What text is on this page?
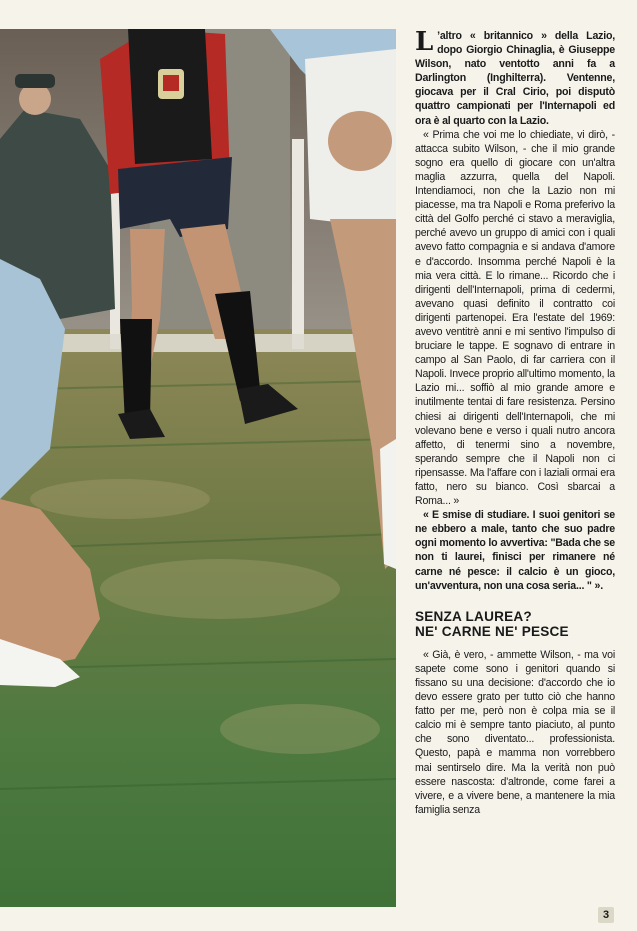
L ’altro « britannico » della Lazio, dopo Giorgio Chinaglia, è Giuseppe Wilson, nato ventotto anni fa a Darlington (Inghilterra). Ventenne, giocava per il Cral Cirio, poi disputò quattro campionati per l'Internapoli ed ora è al quarto con la Lazio.

« Prima che voi me lo chiediate, vi dirò, - attacca subito Wilson, - che il mio grande sogno era quello di giocare con un'altra maglia azzurra, quella del Napoli. Intendiamoci, non che la Lazio non mi piacesse, ma tra Napoli e Roma preferivo la città del Golfo perché ci stavo a meraviglia, perché avevo un gruppo di amici con i quali avevo fatto compagnia e si andava d'amore e d'accordo. Insomma perché Napoli è la mia vera città. E lo rimane... Ricordo che i dirigenti dell'Internapoli, prima di cedermi, avevano quasi definito il contratto coi dirigenti partenopei. Era l'estate del 1969: avevo ventitrè anni e mi sentivo l'impulso di bruciare le tappe. E sognavo di entrare in campo al San Paolo, di far carriera con il Napoli. Invece proprio all'ultimo momento, la Lazio mi... soffiò al mio grande amore e inutilmente tentai di fare resistenza. Persino chiesi ai dirigenti dell'Internapoli, che mi volevano bene e verso i quali nutro ancora affetto, di tenermi sino a novembre, sperando sempre che il Napoli non ci ripensasse. Ma l'affare con i laziali ormai era fatto, nero su bianco. Così sbarcai a Roma... »

« E smise di studiare. I suoi genitori se ne ebbero a male, tanto che suo padre ogni momento lo avvertiva: "Bada che se non ti laurei, finisci per rimanere né carne né pesce: il calcio è un gioco, un'avventura, non una cosa seria... " ».

SENZA LAUREA?
NE' CARNE NE' PESCE

« Già, è vero, - ammette Wilson, - ma voi sapete come sono i genitori quando si fissano su una decisione: d'accordo che io devo essere grato per tutto ciò che hanno fatto per me, però non è colpa mia se il calcio mi è sempre tanto piaciuto, al punto che sono diventato... professionista. Questo, papà e mamma non vorrebbero mai sentirselo dire. Ma la verità non può essere nascosta: d'altronde, come farei a vivere, e a vivere bene, a mantenere la mia famiglia senza

3
